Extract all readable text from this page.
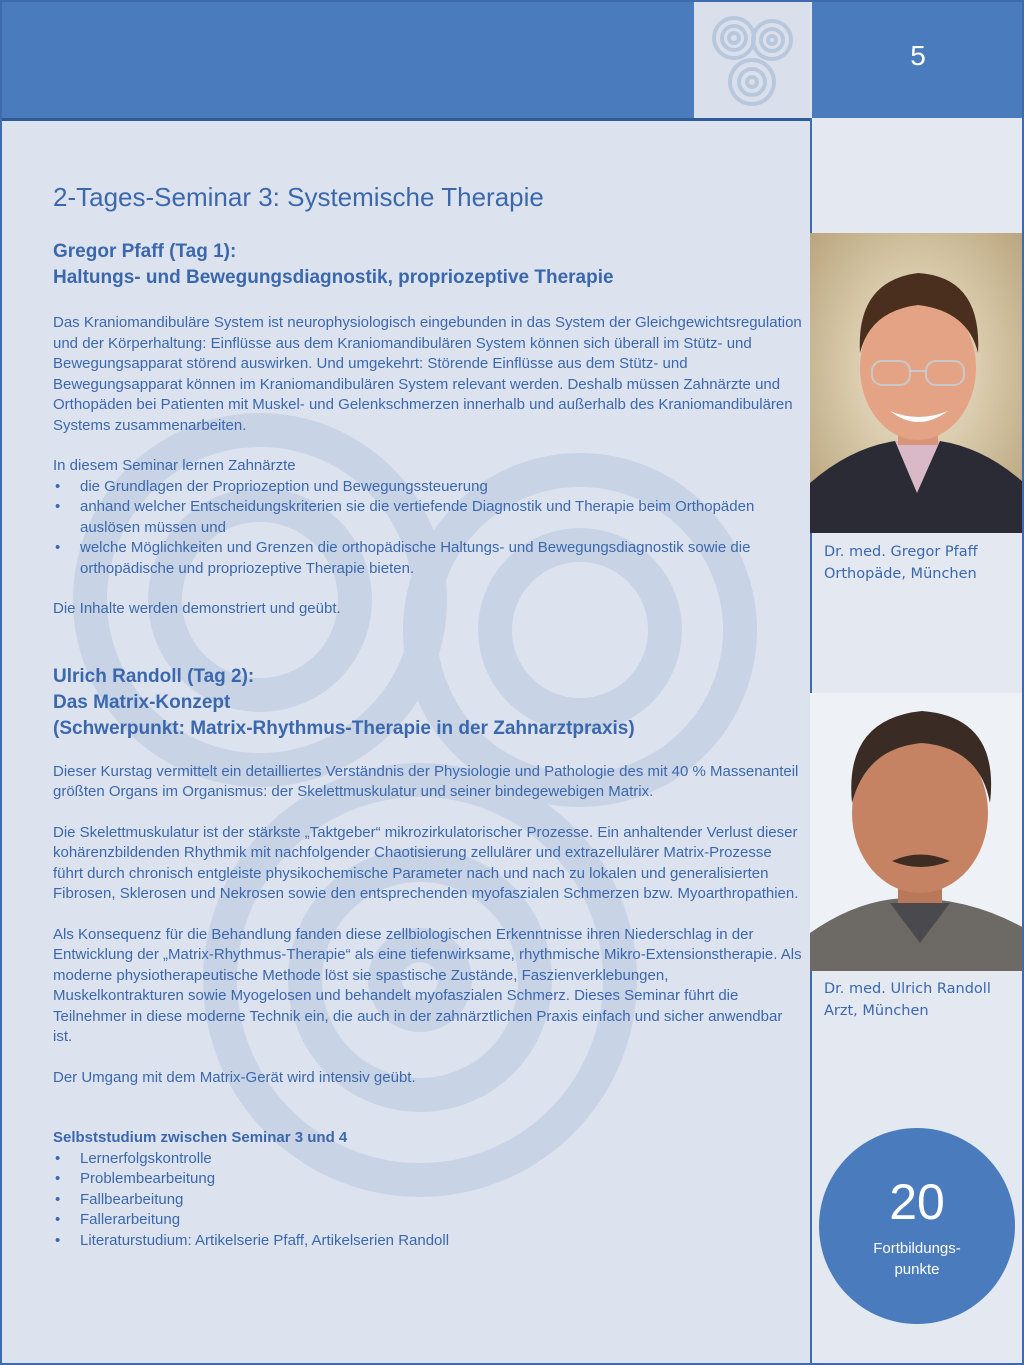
5
2-Tages-Seminar 3: Systemische Therapie
Gregor Pfaff (Tag 1):
Haltungs- und Bewegungsdiagnostik, propriozeptive Therapie

Das Kraniomandibuläre System ist neurophysiologisch eingebunden in das System der Gleichgewichtsregulation und der Körperhaltung: Einflüsse aus dem Kraniomandibulären System können sich überall im Stütz- und Bewegungsapparat störend auswirken. Und umgekehrt: Störende Einflüsse aus dem Stütz- und Bewegungsapparat können im Kraniomandibulären System relevant werden. Deshalb müssen Zahnärzte und Orthopäden bei Patienten mit Muskel- und Gelenkschmerzen innerhalb und außerhalb des Kraniomandibulären Systems zusammenarbeiten.

In diesem Seminar lernen Zahnärzte

• die Grundlagen der Propriozeption und Bewegungssteuerung
• anhand welcher Entscheidungskriterien sie die vertiefende Diagnostik und Therapie beim Orthopäden auslösen müssen und
• welche Möglichkeiten und Grenzen die orthopädische Haltungs- und Bewegungsdiagnostik sowie die orthopädische und propriozeptive Therapie bieten.

Die Inhalte werden demonstriert und geübt.

Ulrich Randoll (Tag 2):
Das Matrix-Konzept
(Schwerpunkt: Matrix-Rhythmus-Therapie in der Zahnarztpraxis)

Dieser Kurstag vermittelt ein detailliertes Verständnis der Physiologie und Pathologie des mit 40 % Massenanteil größten Organs im Organismus: der Skelettmuskulatur und seiner bindegewebigen Matrix.

Die Skelettmuskulatur ist der stärkste „Taktgeber“ mikrozirkulatorischer Prozesse. Ein anhaltender Verlust dieser kohärenzbildenden Rhythmik mit nachfolgender Chaotisierung zellulärer und extrazellulärer Matrix-Prozesse führt durch chronisch entgleiste physikochemische Parameter nach und nach zu lokalen und generalisierten Fibrosen, Sklerosen und Nekrosen sowie den entsprechenden myofaszialen Schmerzen bzw. Myoarthropathien.

Als Konsequenz für die Behandlung fanden diese zellbiologischen Erkenntnisse ihren Niederschlag in der Entwicklung der „Matrix-Rhythmus-Therapie“ als eine tiefenwirksame, rhythmische Mikro-Extensionstherapie. Als moderne physiotherapeutische Methode löst sie spastische Zustände, Faszienverklebungen, Muskelkontrakturen sowie Myogelosen und behandelt myofaszialen Schmerz. Dieses Seminar führt die Teilnehmer in diese moderne Technik ein, die auch in der zahnärztlichen Praxis einfach und sicher anwendbar ist.

Der Umgang mit dem Matrix-Gerät wird intensiv geübt.

Selbststudium zwischen Seminar 3 und 4

• Lernerfolgskontrolle
• Problembearbeitung
• Fallbearbeitung
• Fallerarbeitung
• Literaturstudium: Artikelserie Pfaff, Artikelserien Randoll
Dr. med. Gregor Pfaff
Orthopäde, München
Dr. med. Ulrich Randoll
Arzt, München
20
Fortbildungs-
punkte
